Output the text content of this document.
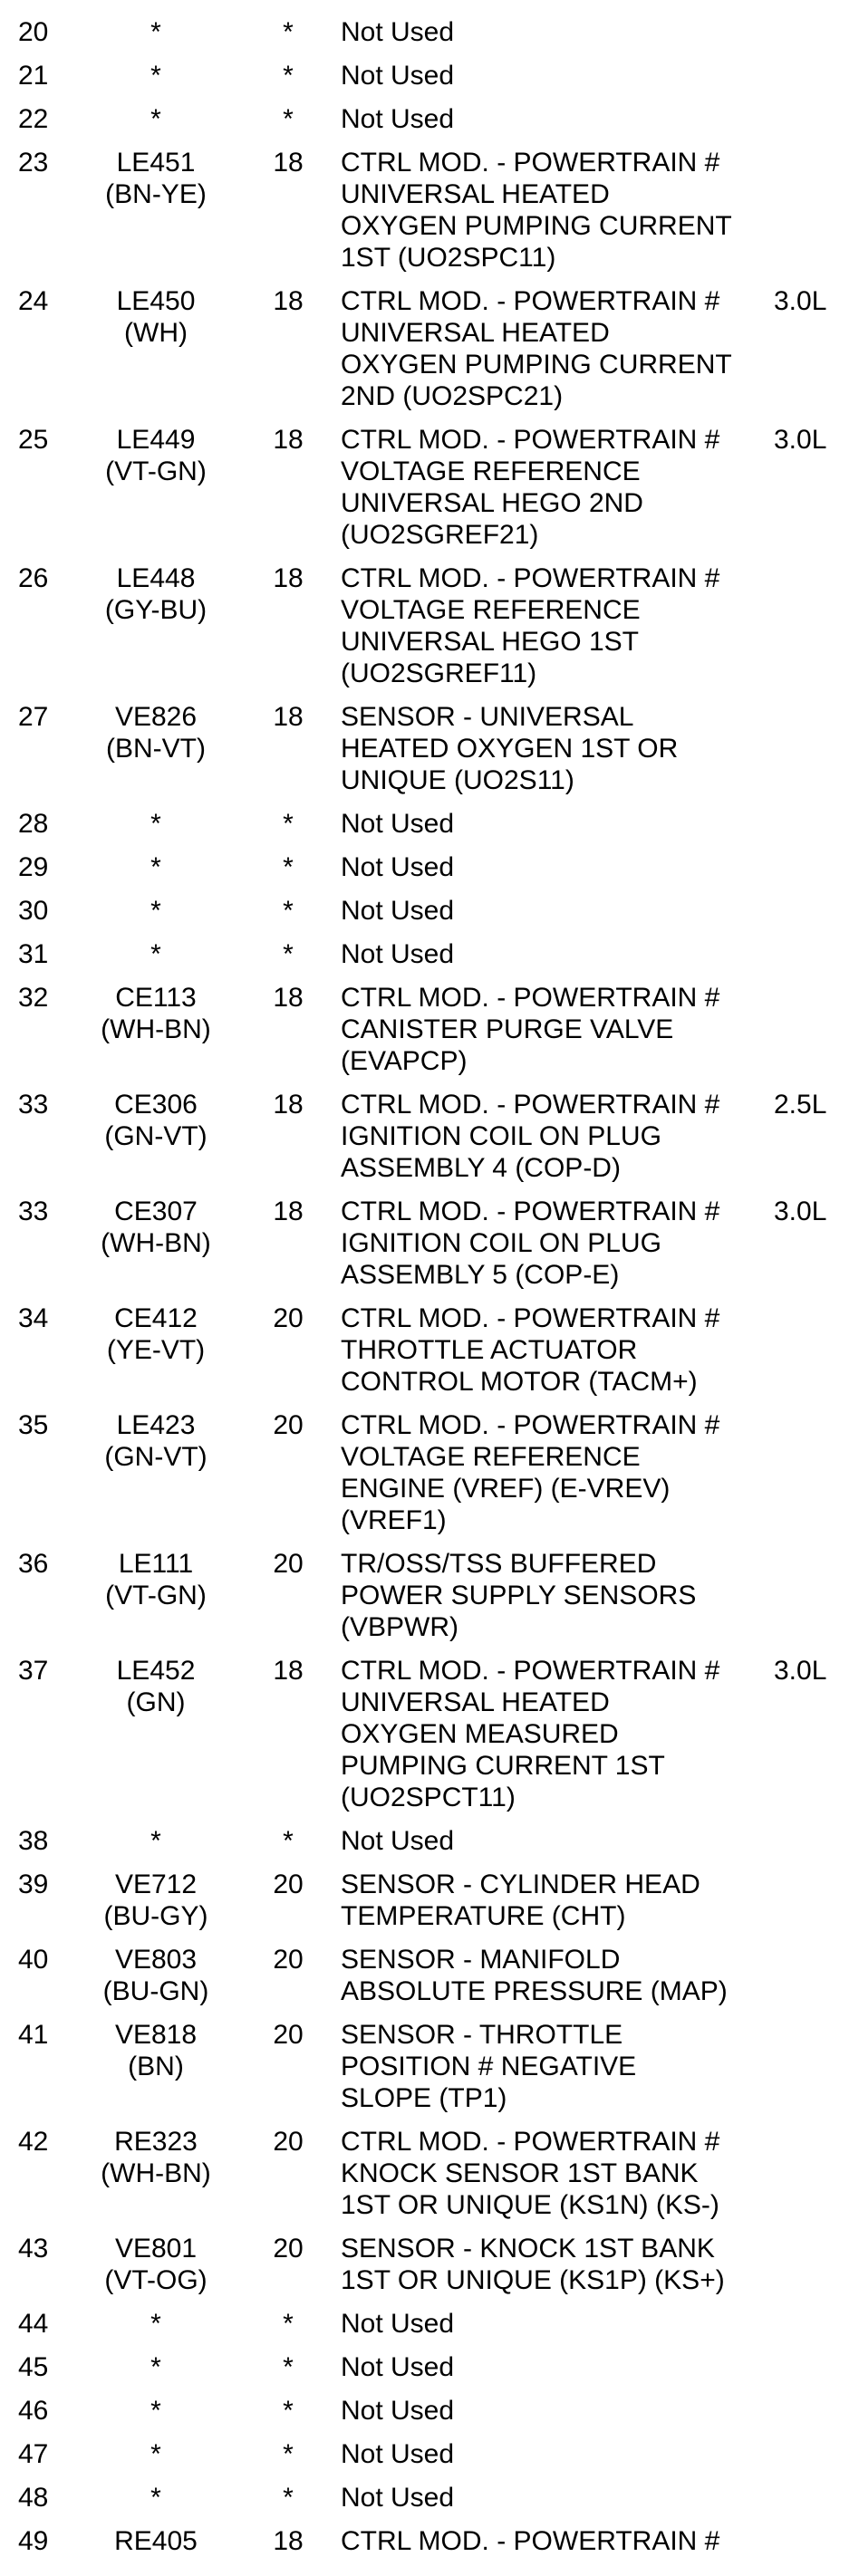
20	*	*	Not Used	

21	*	*	Not Used	

22	*	*	Not Used	

23	LE451
(BN-YE)	18	CTRL MOD. - POWERTRAIN #
UNIVERSAL HEATED
OXYGEN PUMPING CURRENT
1ST (UO2SPC11)	

24	LE450
(WH)	18	CTRL MOD. - POWERTRAIN #
UNIVERSAL HEATED
OXYGEN PUMPING CURRENT
2ND (UO2SPC21)	3.0L
25	LE449
(VT-GN)	18	CTRL MOD. - POWERTRAIN #
VOLTAGE REFERENCE
UNIVERSAL HEGO 2ND
(UO2SGREF21)	3.0L
26	LE448
(GY-BU)	18	CTRL MOD. - POWERTRAIN #
VOLTAGE REFERENCE
UNIVERSAL HEGO 1ST
(UO2SGREF11)	

27	VE826
(BN-VT)	18	SENSOR - UNIVERSAL
HEATED OXYGEN 1ST OR
UNIQUE (UO2S11)	

28	*	*	Not Used	

29	*	*	Not Used	

30	*	*	Not Used	

31	*	*	Not Used	

32	CE113
(WH-BN)	18	CTRL MOD. - POWERTRAIN #
CANISTER PURGE VALVE
(EVAPCP)	

33	CE306
(GN-VT)	18	CTRL MOD. - POWERTRAIN #
IGNITION COIL ON PLUG
ASSEMBLY 4 (COP-D)	2.5L
33	CE307
(WH-BN)	18	CTRL MOD. - POWERTRAIN #
IGNITION COIL ON PLUG
ASSEMBLY 5 (COP-E)	3.0L
34	CE412
(YE-VT)	20	CTRL MOD. - POWERTRAIN #
THROTTLE ACTUATOR
CONTROL MOTOR (TACM+)	

35	LE423
(GN-VT)	20	CTRL MOD. - POWERTRAIN #
VOLTAGE REFERENCE
ENGINE (VREF) (E-VREV)
(VREF1)	

36	LE111
(VT-GN)	20	TR/OSS/TSS BUFFERED
POWER SUPPLY SENSORS
(VBPWR)	

37	LE452
(GN)	18	CTRL MOD. - POWERTRAIN #
UNIVERSAL HEATED
OXYGEN MEASURED
PUMPING CURRENT 1ST
(UO2SPCT11)	3.0L
38	*	*	Not Used	

39	VE712
(BU-GY)	20	SENSOR - CYLINDER HEAD
TEMPERATURE (CHT)	

40	VE803
(BU-GN)	20	SENSOR - MANIFOLD
ABSOLUTE PRESSURE (MAP)	

41	VE818
(BN)	20	SENSOR - THROTTLE
POSITION # NEGATIVE
SLOPE (TP1)	

42	RE323
(WH-BN)	20	CTRL MOD. - POWERTRAIN #
KNOCK SENSOR 1ST BANK
1ST OR UNIQUE (KS1N) (KS-)	

43	VE801
(VT-OG)	20	SENSOR - KNOCK 1ST BANK
1ST OR UNIQUE (KS1P) (KS+)	

44	*	*	Not Used	

45	*	*	Not Used	

46	*	*	Not Used	

47	*	*	Not Used	

48	*	*	Not Used	

49	RE405	18	CTRL MOD. - POWERTRAIN #	
